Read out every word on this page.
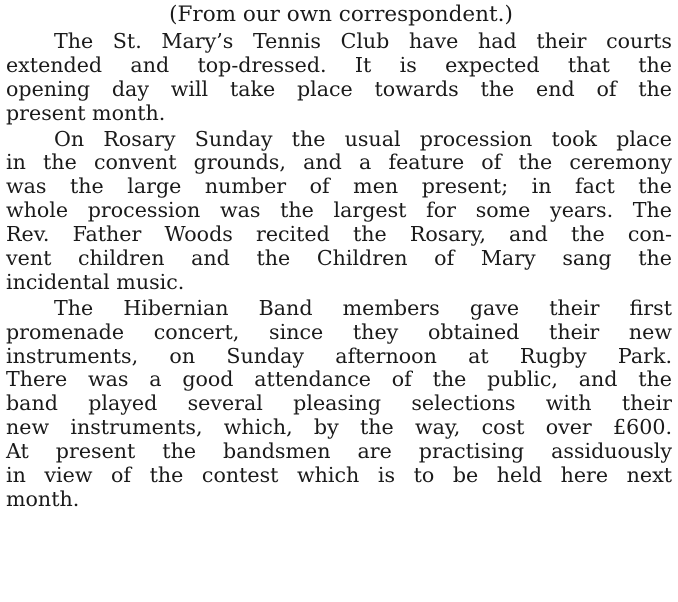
(From our own correspondent.)
The St. Mary’s Tennis Club have had their courts
extended and top-dressed. It is expected that the
opening day will take place towards the end of the
present month.
On Rosary Sunday the usual procession took place
in the convent grounds, and a feature of the ceremony
was the large number of men present; in fact the
whole procession was the largest for some years. The
Rev. Father Woods recited the Rosary, and the con-
vent children and the Children of Mary sang the
incidental music.
The Hibernian Band members gave their first
promenade concert, since they obtained their new
instruments, on Sunday afternoon at Rugby Park.
There was a good attendance of the public, and the
band played several pleasing selections with their
new instruments, which, by the way, cost over £600.
At present the bandsmen are practising assiduously
in view of the contest which is to be held here next
month.
